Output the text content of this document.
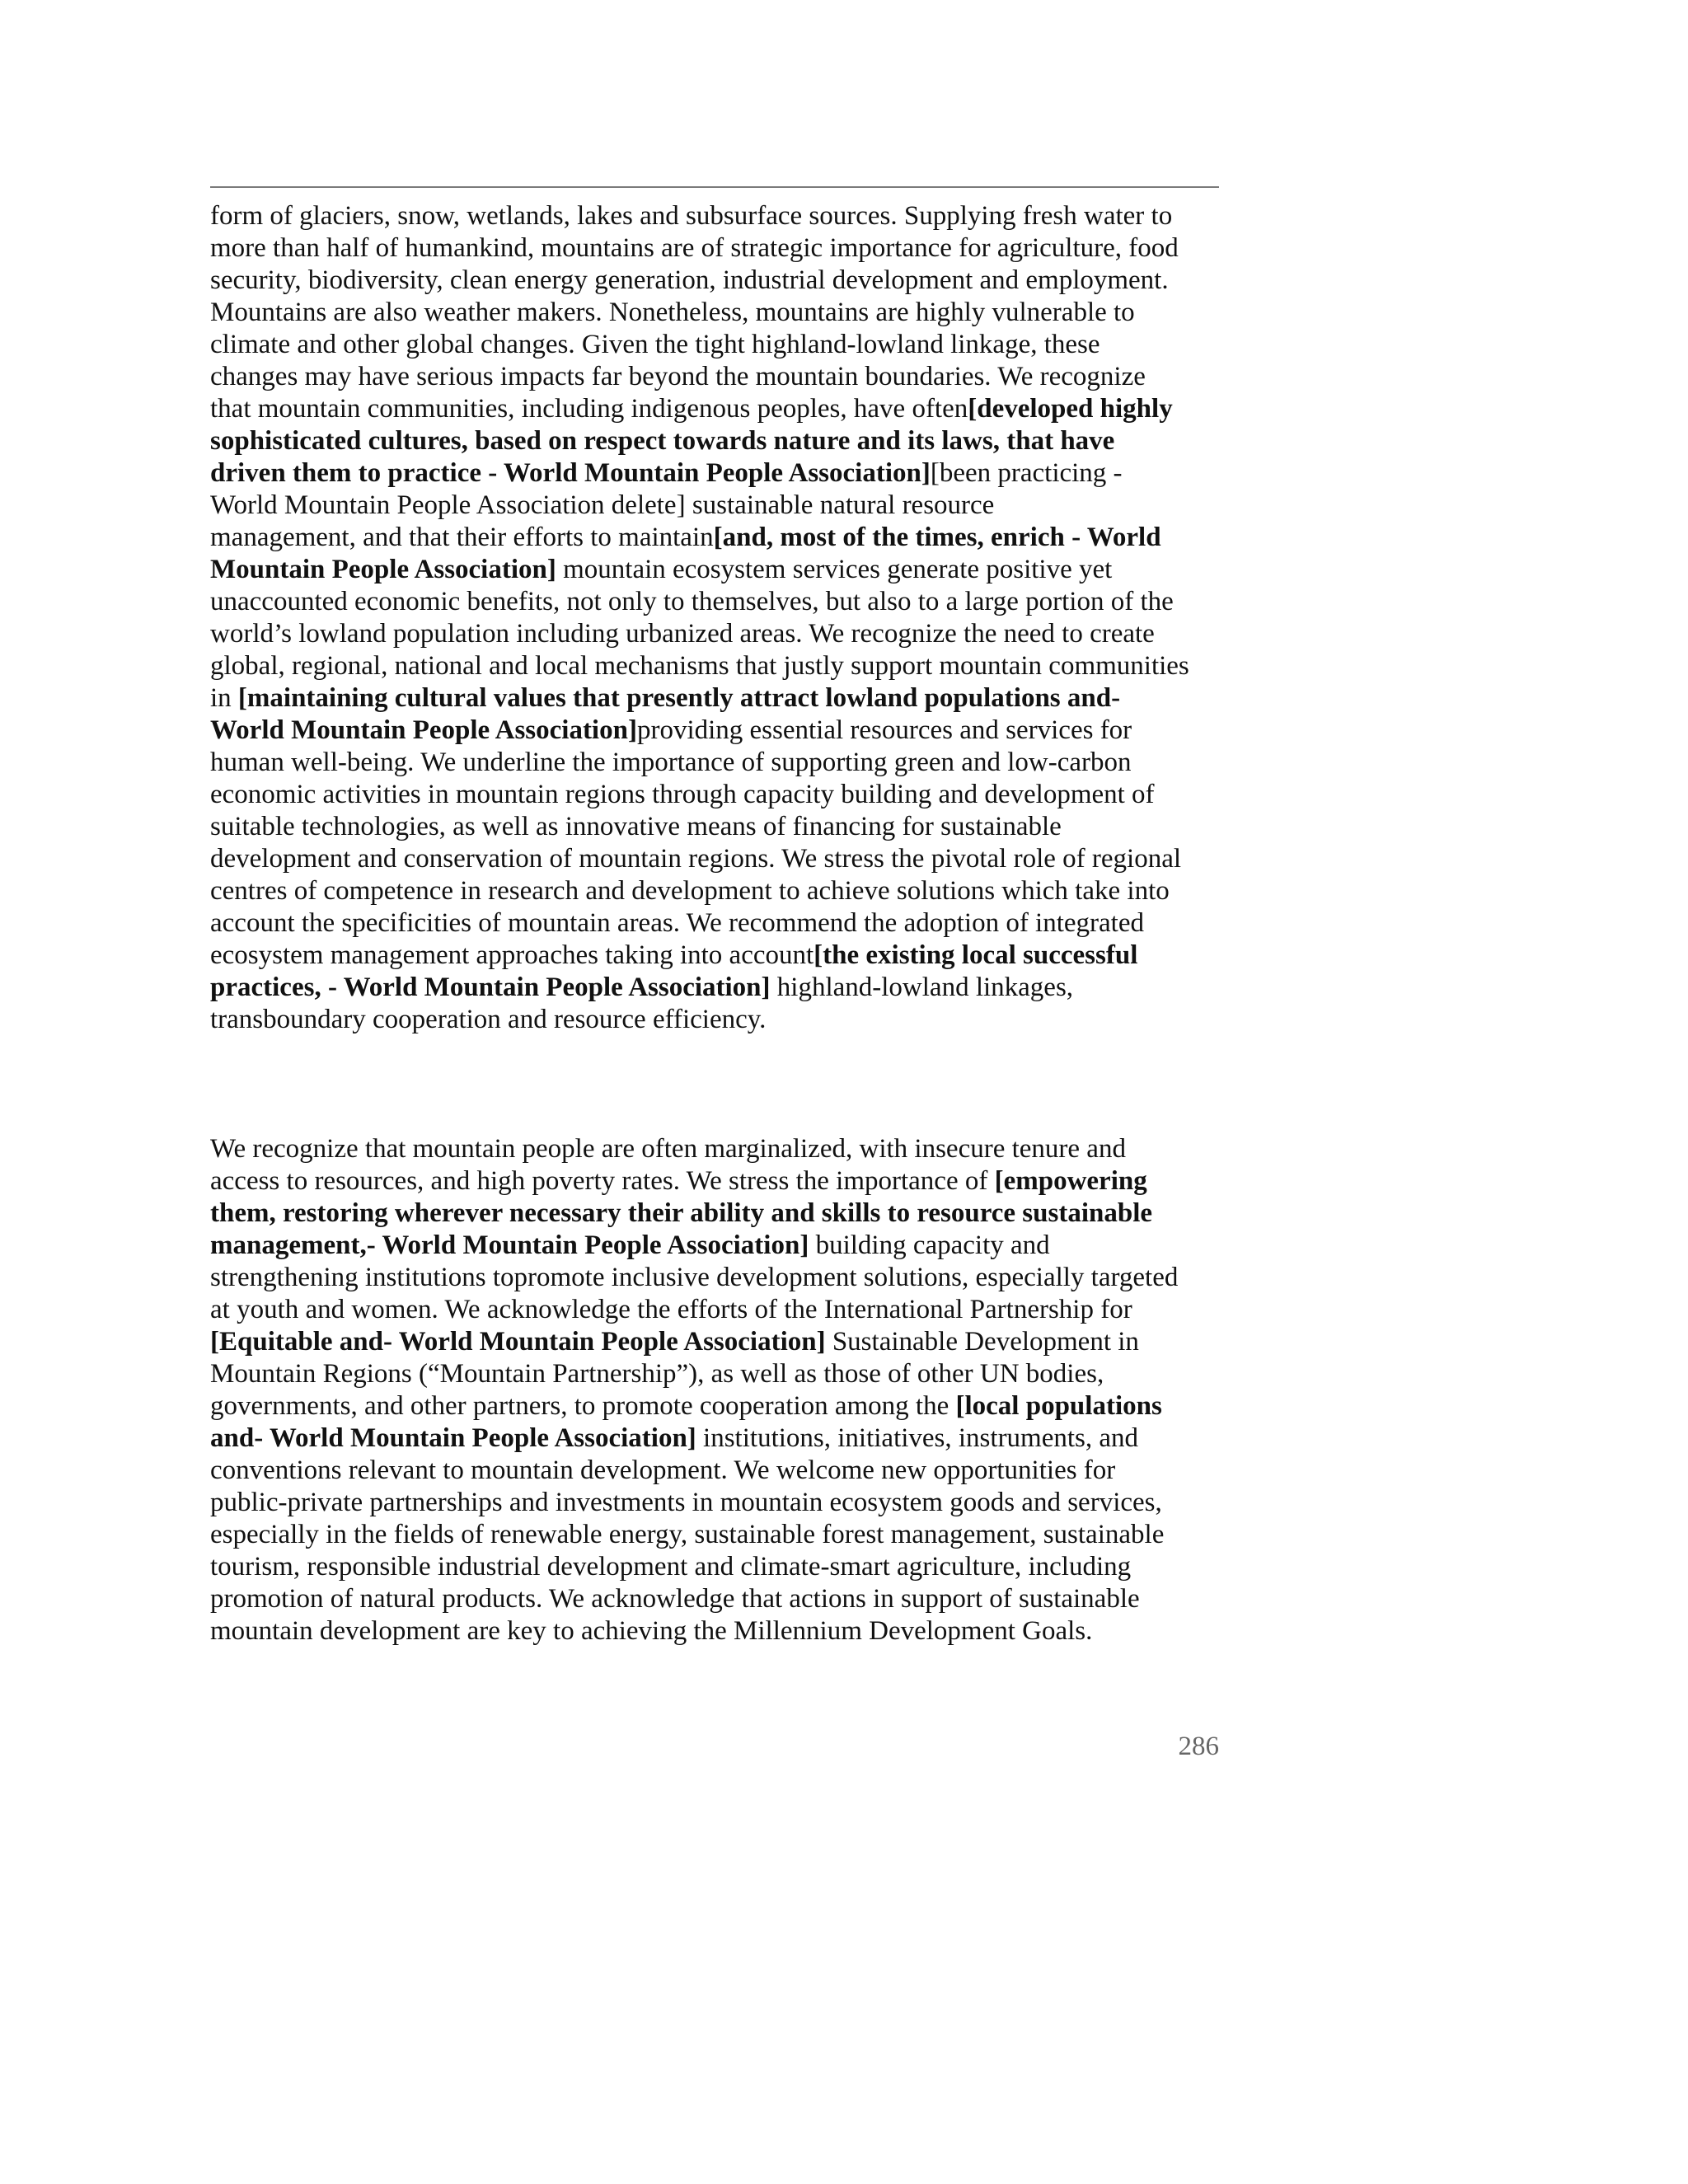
form of glaciers, snow, wetlands, lakes and subsurface sources. Supplying fresh water to
more than half of humankind, mountains are of strategic importance for agriculture, food
security, biodiversity, clean energy generation, industrial development and employment.
Mountains are also weather makers. Nonetheless, mountains are highly vulnerable to
climate and other global changes. Given the tight highland-lowland linkage, these
changes may have serious impacts far beyond the mountain boundaries. We recognize
that mountain communities, including indigenous peoples, have often[developed highly
sophisticated cultures, based on respect towards nature and its laws, that have
driven them to practice - World Mountain People Association][been practicing -
World Mountain People Association delete] sustainable natural resource
management, and that their efforts to maintain[and, most of the times, enrich - World
Mountain People Association] mountain ecosystem services generate positive yet
unaccounted economic benefits, not only to themselves, but also to a large portion of the
world’s lowland population including urbanized areas. We recognize the need to create
global, regional, national and local mechanisms that justly support mountain communities
in [maintaining cultural values that presently attract lowland populations and-
World Mountain People Association]providing essential resources and services for
human well-being. We underline the importance of supporting green and low-carbon
economic activities in mountain regions through capacity building and development of
suitable technologies, as well as innovative means of financing for sustainable
development and conservation of mountain regions. We stress the pivotal role of regional
centres of competence in research and development to achieve solutions which take into
account the specificities of mountain areas. We recommend the adoption of integrated
ecosystem management approaches taking into account[the existing local successful
practices, - World Mountain People Association] highland-lowland linkages,
transboundary cooperation and resource efficiency.
We recognize that mountain people are often marginalized, with insecure tenure and
access to resources, and high poverty rates. We stress the importance of [empowering
them, restoring wherever necessary their ability and skills to resource sustainable
management,- World Mountain People Association] building capacity and
strengthening institutions topromote inclusive development solutions, especially targeted
at youth and women. We acknowledge the efforts of the International Partnership for
[Equitable and- World Mountain People Association] Sustainable Development in
Mountain Regions (“Mountain Partnership”), as well as those of other UN bodies,
governments, and other partners, to promote cooperation among the [local populations
and- World Mountain People Association] institutions, initiatives, instruments, and
conventions relevant to mountain development. We welcome new opportunities for
public-private partnerships and investments in mountain ecosystem goods and services,
especially in the fields of renewable energy, sustainable forest management, sustainable
tourism, responsible industrial development and climate-smart agriculture, including
promotion of natural products. We acknowledge that actions in support of sustainable
mountain development are key to achieving the Millennium Development Goals.
286
